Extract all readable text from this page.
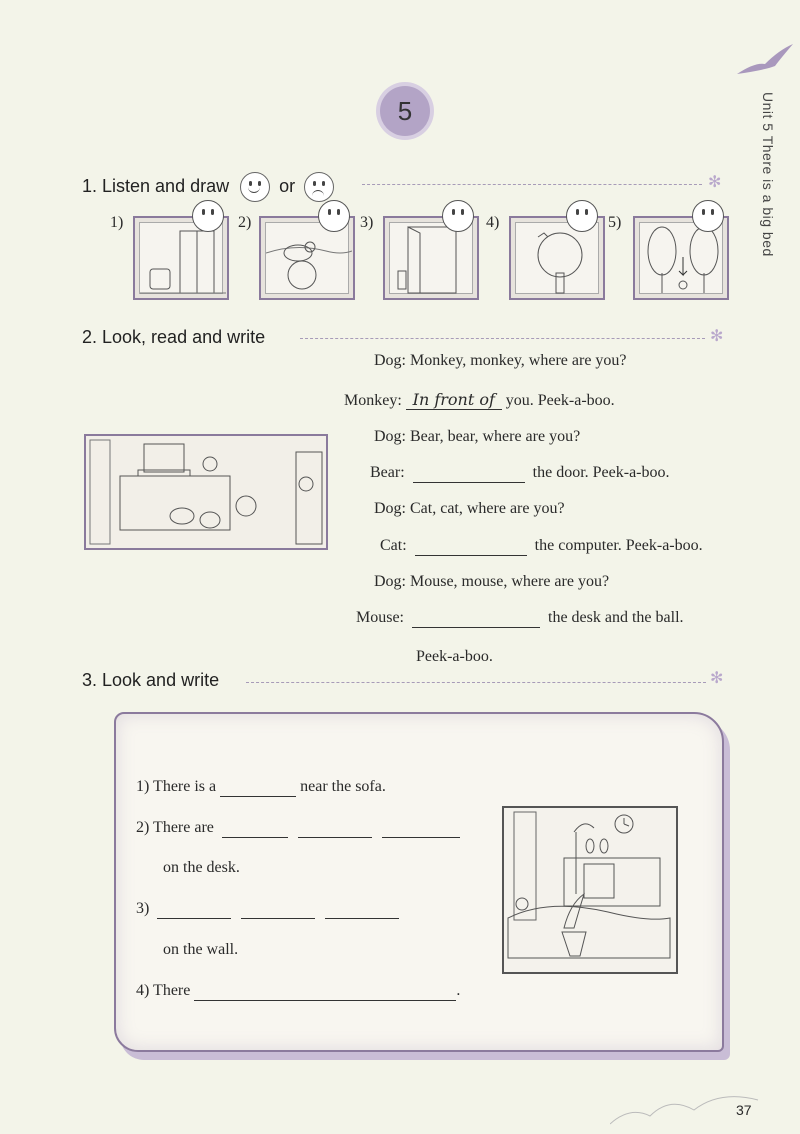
5	Unit 5 There is a big bed
1. Listen and draw	or	✻
1)	2)	3)	4)	5)
2. Look, read and write	✻
Dog: Monkey, monkey, where are you?
Monkey: In front of you. Peek-a-boo.
Dog: Bear, bear, where are you?
Bear:	the door. Peek-a-boo.
Dog: Cat, cat, where are you?
Cat:	the computer. Peek-a-boo.
Dog: Mouse, mouse, where are you?
Mouse:	the desk and the ball.
Peek-a-boo.
3. Look and write	✻
1) There is a	near the sofa.
2) There are
on the desk.
3)
on the wall.
4) There	.
37
